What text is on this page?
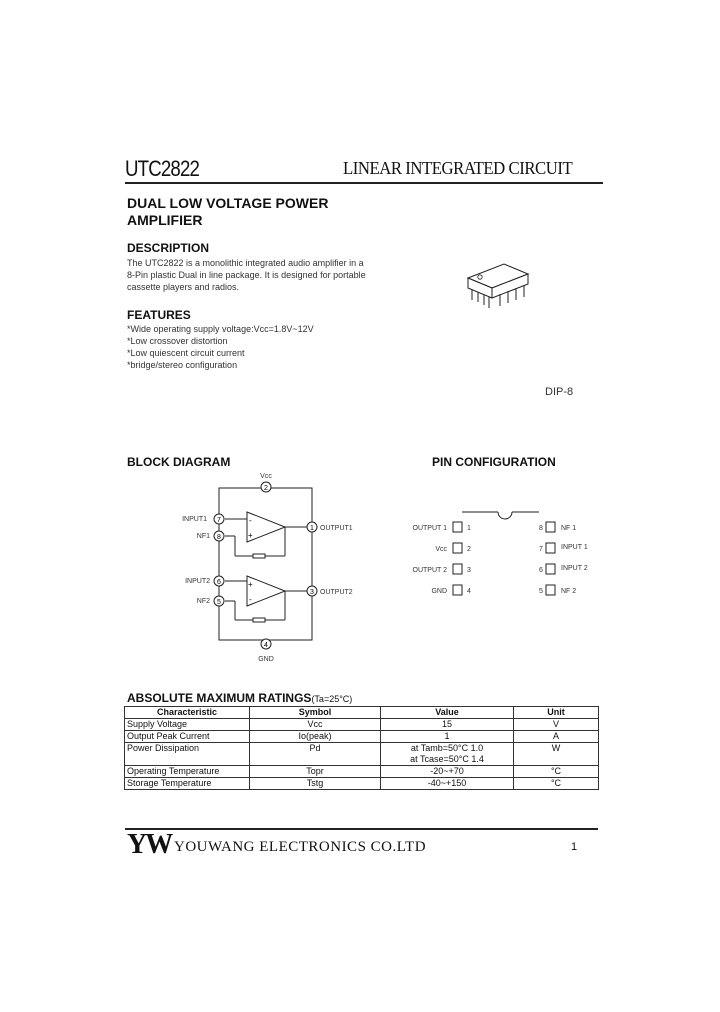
UTC2822	LINEAR INTEGRATED CIRCUIT
DUAL LOW VOLTAGE POWER
AMPLIFIER
DESCRIPTION
The UTC2822 is a monolithic integrated audio amplifier in a
8-Pin plastic Dual in line package. It is designed for portable
cassette players and radios.
FEATURES
*Wide operating supply voltage:Vcc=1.8V~12V
*Low crossover distortion
*Low quiescent circuit current
*bridge/stereo configuration
DIP-8
BLOCK DIAGRAM	PIN CONFIGURATION
Vcc
2
-
+
7
INPUT1
8
NF1
1 OUTPUT1
+
-
6
INPUT2
5
NF2
3 OUTPUT2
4
GND
OUTPUT 1
Vcc
OUTPUT 2
GND
1
2
3
4
8
7
6
5
NF 1
INPUT 1
INPUT 2
NF 2
ABSOLUTE MAXIMUM RATINGS(Ta=25°C)
Characteristic	Symbol	Value	Unit
Supply Voltage	Vcc	15	V
Output Peak Current	Io(peak)	1	A
Power Dissipation	Pd	at Tamb=50°C 1.0
at Tcase=50°C 1.4	W
Operating Temperature	Topr	-20~+70	°C
Storage Temperature	Tstg	-40~+150	°C
YW YOUWANG ELECTRONICS CO.LTD	1
